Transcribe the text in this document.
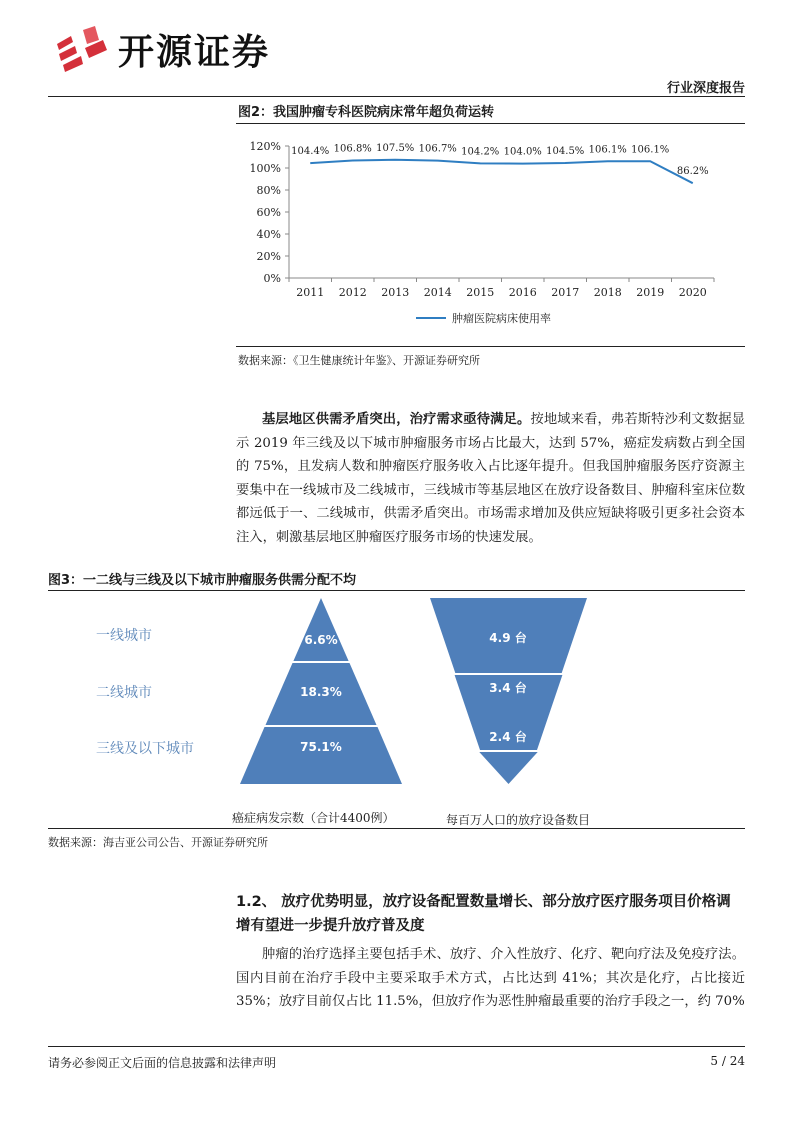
开源证券
行业深度报告
图2：我国肿瘤专科医院病床常年超负荷运转
0%
20%
40%
60%
80%
100%
120%
2011 2012 2013 2014 2015 2016 2017 2018 2019 2020
104.4% 106.8% 107.5% 106.7% 104.2% 104.0% 104.5% 106.1% 106.1%
86.2%
肿瘤医院病床使用率
数据来源：《卫生健康统计年鉴》、开源证券研究所
基层地区供需矛盾突出，治疗需求亟待满足。按地域来看，弗若斯特沙利文数据显示 2019 年三线及以下城市肿瘤服务市场占比最大，达到 57%，癌症发病数占到全国的 75%，且发病人数和肿瘤医疗服务收入占比逐年提升。但我国肿瘤服务医疗资源主要集中在一线城市及二线城市，三线城市等基层地区在放疗设备数目、肿瘤科室床位数都远低于一、二线城市，供需矛盾突出。市场需求增加及供应短缺将吸引更多社会资本注入，刺激基层地区肿瘤医疗服务市场的快速发展。
图3：一二线与三线及以下城市肿瘤服务供需分配不均
一线城市
二线城市
三线及以下城市
6.6%
18.3%
75.1%
4.9 台
3.4 台
2.4 台
癌症病发宗数（合计4400例）	每百万人口的放疗设备数目
数据来源：海吉亚公司公告、开源证券研究所
1.2、 放疗优势明显，放疗设备配置数量增长、部分放疗医疗服务项目价格调增有望进一步提升放疗普及度
肿瘤的治疗选择主要包括手术、放疗、介入性放疗、化疗、靶向疗法及免疫疗法。国内目前在治疗手段中主要采取手术方式，占比达到 41%；其次是化疗，占比接近 35%；放疗目前仅占比 11.5%，但放疗作为恶性肿瘤最重要的治疗手段之一，约 70%
请务必参阅正文后面的信息披露和法律声明	5 / 24
